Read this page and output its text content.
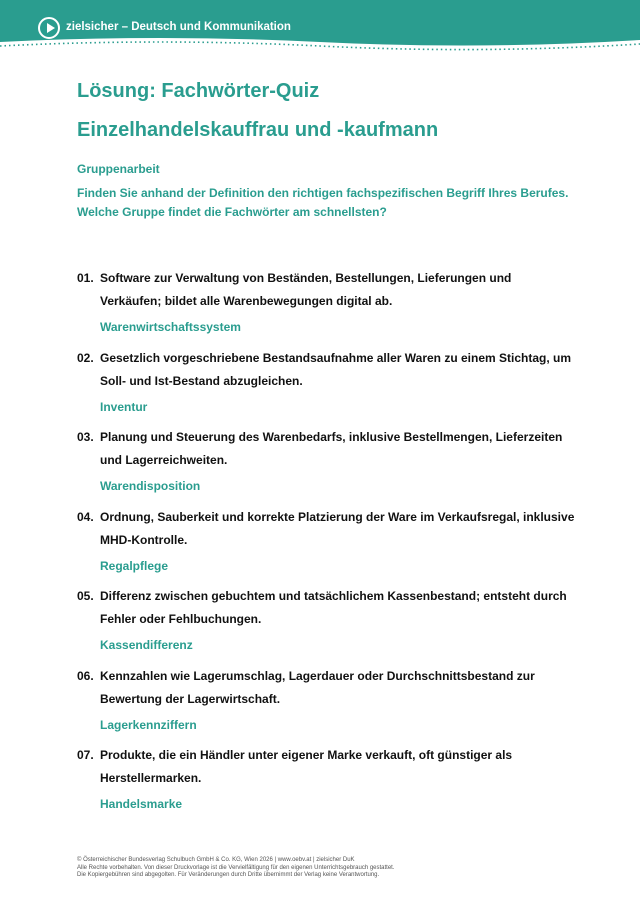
zielsicher – Deutsch und Kommunikation
Lösung: Fachwörter-Quiz
Einzelhandelskauffrau und -kaufmann
Gruppenarbeit
Finden Sie anhand der Definition den richtigen fachspezifischen Begriff Ihres Berufes. Welche Gruppe findet die Fachwörter am schnellsten?
01. Software zur Verwaltung von Beständen, Bestellungen, Lieferungen und Verkäufen; bildet alle Warenbewegungen digital ab.
Warenwirtschaftssystem
02. Gesetzlich vorgeschriebene Bestandsaufnahme aller Waren zu einem Stichtag, um Soll- und Ist-Bestand abzugleichen.
Inventur
03. Planung und Steuerung des Warenbedarfs, inklusive Bestellmengen, Lieferzeiten und Lagerreichweiten.
Warendisposition
04. Ordnung, Sauberkeit und korrekte Platzierung der Ware im Verkaufsregal, inklusive MHD-Kontrolle.
Regalpflege
05. Differenz zwischen gebuchtem und tatsächlichem Kassenbestand; entsteht durch Fehler oder Fehlbuchungen.
Kassendifferenz
06. Kennzahlen wie Lagerumschlag, Lagerdauer oder Durchschnittsbestand zur Bewertung der Lagerwirtschaft.
Lagerkennziffern
07. Produkte, die ein Händler unter eigener Marke verkauft, oft günstiger als Herstellermarken.
Handelsmarke
© Österreichischer Bundesverlag Schulbuch GmbH & Co. KG, Wien 2026 | www.oebv.at | zielsicher DuK
Alle Rechte vorbehalten. Von dieser Druckvorlage ist die Vervielfältigung für den eigenen Unterrichtsgebrauch gestattet.
Die Kopiergebühren sind abgegolten. Für Veränderungen durch Dritte übernimmt der Verlag keine Verantwortung.
